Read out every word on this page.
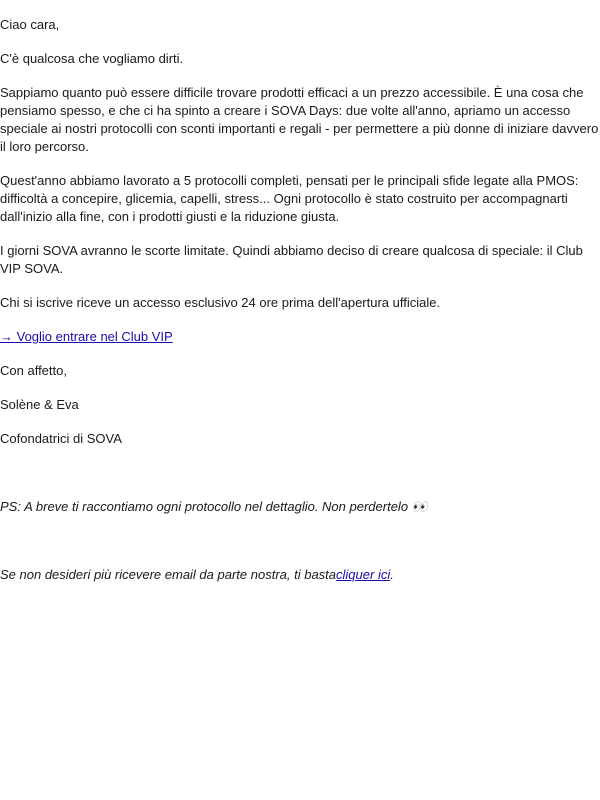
Ciao cara,

C'è qualcosa che vogliamo dirti.

Sappiamo quanto può essere difficile trovare prodotti efficaci a un prezzo accessibile. È una cosa che pensiamo spesso, e che ci ha spinto a creare i SOVA Days: due volte all'anno, apriamo un accesso speciale ai nostri protocolli con sconti importanti e regali - per permettere a più donne di iniziare davvero il loro percorso.

Quest'anno abbiamo lavorato a 5 protocolli completi, pensati per le principali sfide legate alla PMOS: difficoltà a concepire, glicemia, capelli, stress... Ogni protocollo è stato costruito per accompagnarti dall'inizio alla fine, con i prodotti giusti e la riduzione giusta.

I giorni SOVA avranno le scorte limitate. Quindi abbiamo deciso di creare qualcosa di speciale: il Club VIP SOVA.

Chi si iscrive riceve un accesso esclusivo 24 ore prima dell'apertura ufficiale.

→ Voglio entrare nel Club VIP

Con affetto,

Solène & Eva

Cofondatrici di SOVA

PS: A breve ti raccontiamo ogni protocollo nel dettaglio. Non perdertelo 👀

Se non desideri più ricevere email da parte nostra, ti bastacliquer ici.
